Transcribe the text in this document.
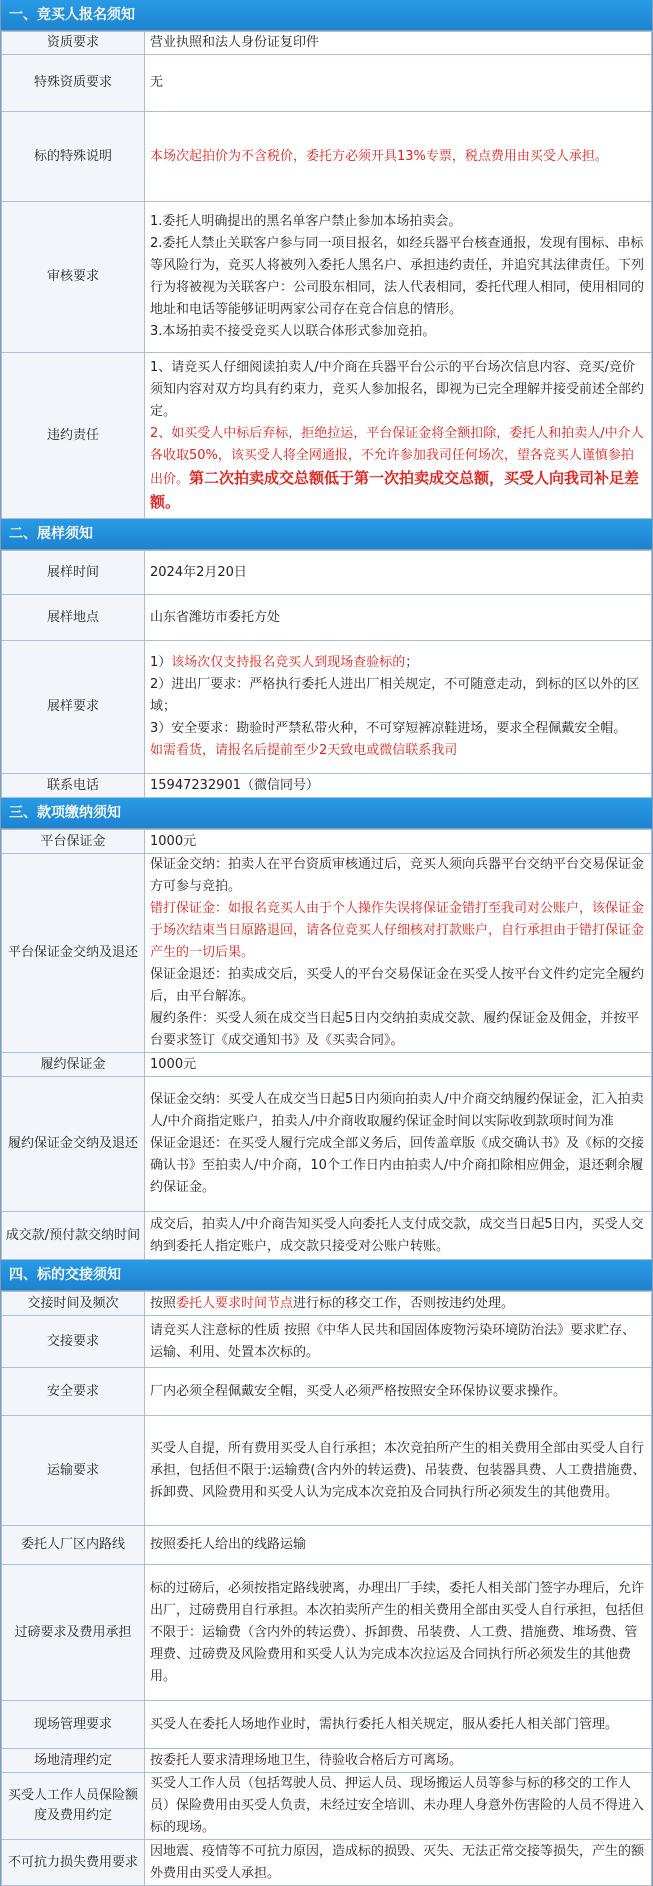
一、竞买人报名须知
资质要求	营业执照和法人身份证复印件
特殊资质要求	无
标的特殊说明	本场次起拍价为不含税价，委托方必须开具13%专票，税点费用由买受人承担。
审核要求	1.委托人明确提出的黑名单客户禁止参加本场拍卖会。

2.委托人禁止关联客户参与同一项目报名，如经兵器平台核查通报，发现有围标、串标等风险行为，竞买人将被列入委托人黑名户、承担违约责任，并追究其法律责任。下列行为将被视为关联客户：公司股东相同，法人代表相同，委托代理人相同，使用相同的地址和电话等能够证明两家公司存在竞合信息的情形。

3.本场拍卖不接受竞买人以联合体形式参加竞拍。

违约责任	1、请竞买人仔细阅读拍卖人/中介商在兵器平台公示的平台场次信息内容、竞买/竞价须知内容对双方均具有约束力，竞买人参加报名，即视为已完全理解并接受前述全部约定。

2、如买受人中标后弃标，拒绝拉运，平台保证金将全额扣除，委托人和拍卖人/中介人各收取50%，该买受人将全网通报，不允许参加我司任何场次，望各竞买人谨慎参拍出价。第二次拍卖成交总额低于第一次拍卖成交总额，买受人向我司补足差额。

二、展样须知
展样时间	2024年2月20日
展样地点	山东省潍坊市委托方处
展样要求	1）该场次仅支持报名竞买人到现场查验标的；

2）进出厂要求：严格执行委托人进出厂相关规定，不可随意走动，到标的区以外的区域；

3）安全要求：勘验时严禁私带火种，不可穿短裤凉鞋进场，要求全程佩戴安全帽。

如需看货，请报名后提前至少2天致电或微信联系我司

联系电话	15947232901（微信同号）
三、款项缴纳须知
平台保证金	1000元
平台保证金交纳及退还	保证金交纳：拍卖人在平台资质审核通过后，竞买人须向兵器平台交纳平台交易保证金方可参与竞拍。

错打保证金：如报名竞买人由于个人操作失误将保证金错打至我司对公账户，该保证金于场次结束当日原路退回，请各位竞买人仔细核对打款账户，自行承担由于错打保证金产生的一切后果。

保证金退还：拍卖成交后，买受人的平台交易保证金在买受人按平台文件约定完全履约后，由平台解冻。

履约条件：买受人须在成交当日起5日内交纳拍卖成交款、履约保证金及佣金，并按平台要求签订《成交通知书》及《买卖合同》。

履约保证金	1000元
履约保证金交纳及退还	保证金交纳：买受人在成交当日起5日内须向拍卖人/中介商交纳履约保证金，汇入拍卖人/中介商指定账户，拍卖人/中介商收取履约保证金时间以实际收到款项时间为准

保证金退还：在买受人履行完成全部义务后，回传盖章版《成交确认书》及《标的交接确认书》至拍卖人/中介商，10个工作日内由拍卖人/中介商扣除相应佣金，退还剩余履约保证金。

成交款/预付款交纳时间	成交后，拍卖人/中介商告知买受人向委托人支付成交款，成交当日起5日内，买受人交纳到委托人指定账户，成交款只接受对公账户转账。
四、标的交接须知
交接时间及频次	按照委托人要求时间节点进行标的移交工作，否则按违约处理。
交接要求	请竞买人注意标的性质 按照《中华人民共和国固体废物污染环境防治法》要求贮存、运输、利用、处置本次标的。
安全要求	厂内必须全程佩戴安全帽，买受人必须严格按照安全环保协议要求操作。
运输要求	买受人自提，所有费用买受人自行承担；本次竞拍所产生的相关费用全部由买受人自行承担，包括但不限于:运输费(含内外的转运费)、吊装费、包装器具费、人工费措施费、拆卸费、风险费用和买受人认为完成本次竞拍及合同执行所必须发生的其他费用。
委托人厂区内路线	按照委托人给出的线路运输
过磅要求及费用承担	标的过磅后，必须按指定路线驶离，办理出厂手续，委托人相关部门签字办理后，允许出厂，过磅费用自行承担。本次拍卖所产生的相关费用全部由买受人自行承担，包括但不限于：运输费（含内外的转运费）、拆卸费、吊装费、人工费、措施费、堆场费、管理费、过磅费及风险费用和买受人认为完成本次拉运及合同执行所必须发生的其他费用。
现场管理要求	买受人在委托人场地作业时，需执行委托人相关规定，服从委托人相关部门管理。
场地清理约定	按委托人要求清理场地卫生，待验收合格后方可离场。
买受人工作人员保险额度及费用约定	买受人工作人员（包括驾驶人员、押运人员、现场搬运人员等参与标的移交的工作人员）保险费用由买受人负责，未经过安全培训、未办理人身意外伤害险的人员不得进入标的现场。
不可抗力损失费用要求	因地震、疫情等不可抗力原因，造成标的损毁、灭失、无法正常交接等损失，产生的额外费用由买受人承担。
